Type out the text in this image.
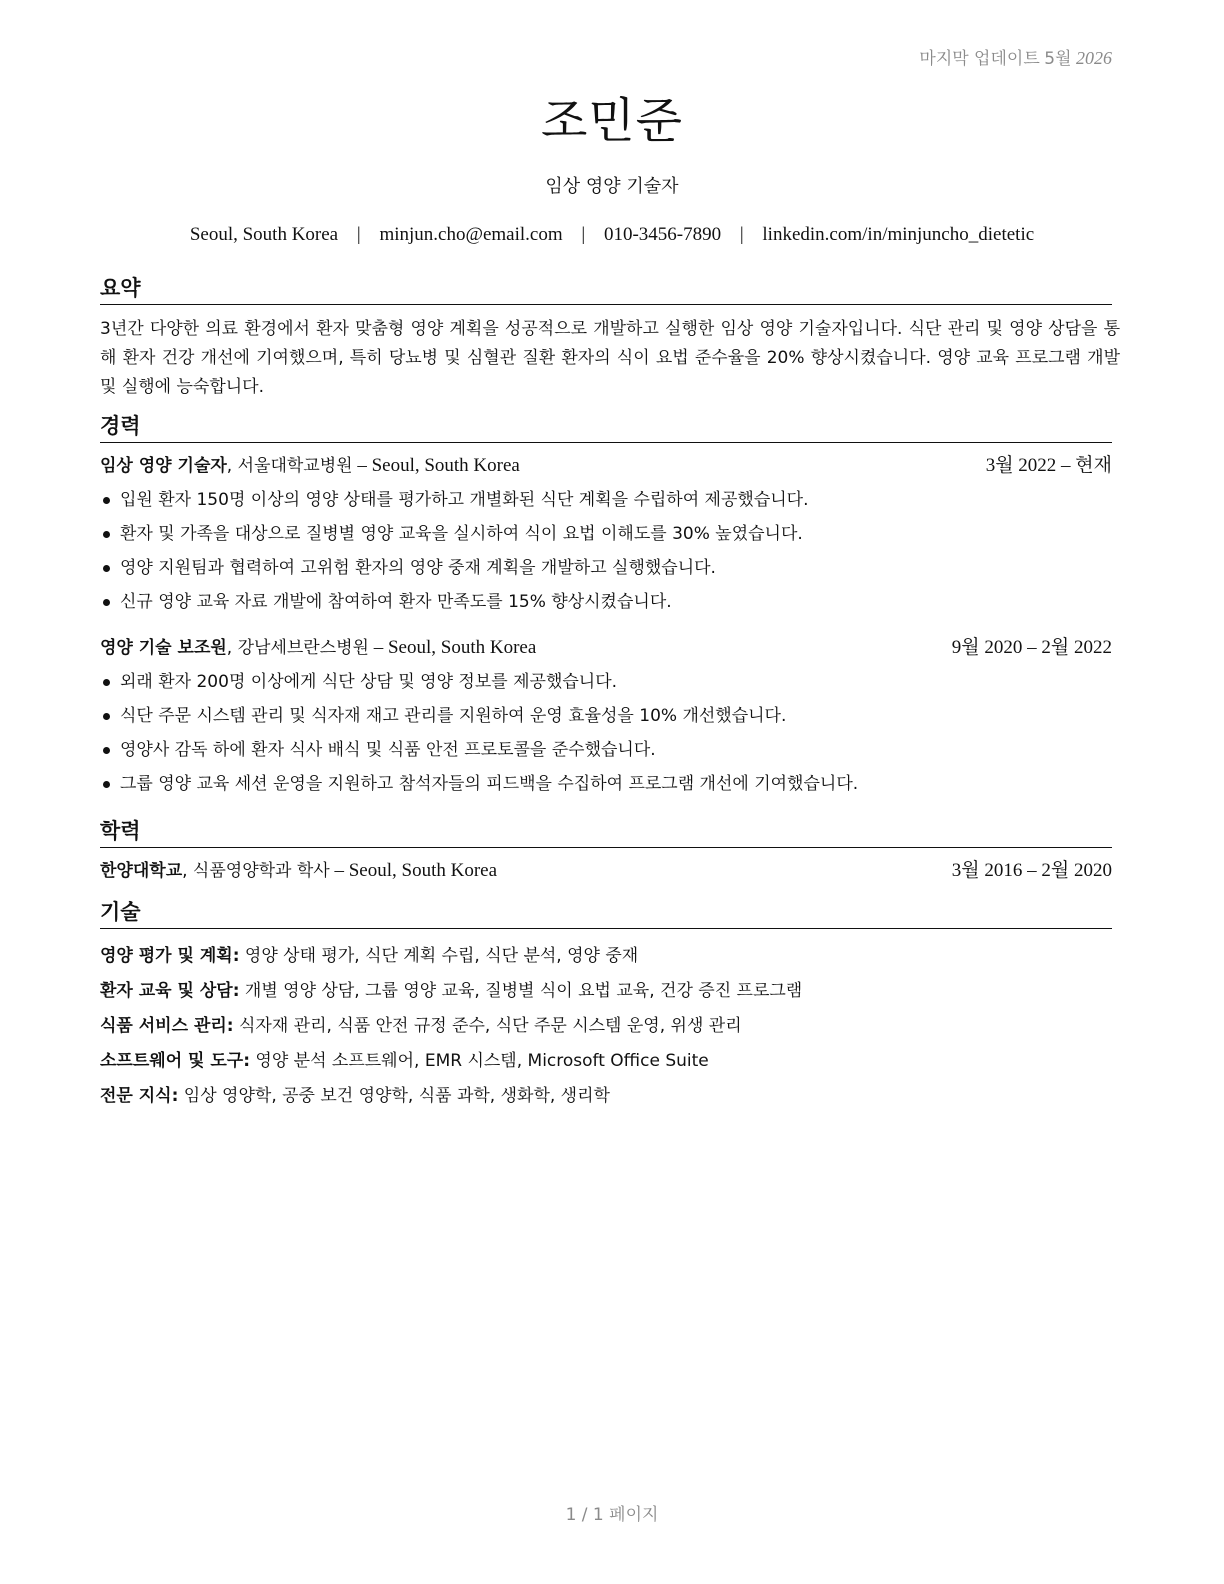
마지막 업데이트 5월 2026
조민준
임상 영양 기술자
Seoul, South Korea | minjun.cho@email.com | 010-3456-7890 | linkedin.com/in/minjuncho_dietetic
요약

3년간 다양한 의료 환경에서 환자 맞춤형 영양 계획을 성공적으로 개발하고 실행한 임상 영양 기술자입니다. 식단 관리 및 영양 상담을 통해 환자 건강 개선에 기여했으며, 특히 당뇨병 및 심혈관 질환 환자의 식이 요법 준수율을 20% 향상시켰습니다. 영양 교육 프로그램 개발 및 실행에 능숙합니다.

경력
임상 영양 기술자, 서울대학교병원 – Seoul, South Korea	3월 2022 – 현재
입원 환자 150명 이상의 영양 상태를 평가하고 개별화된 식단 계획을 수립하여 제공했습니다.
환자 및 가족을 대상으로 질병별 영양 교육을 실시하여 식이 요법 이해도를 30% 높였습니다.
영양 지원팀과 협력하여 고위험 환자의 영양 중재 계획을 개발하고 실행했습니다.
신규 영양 교육 자료 개발에 참여하여 환자 만족도를 15% 향상시켰습니다.
영양 기술 보조원, 강남세브란스병원 – Seoul, South Korea	9월 2020 – 2월 2022
외래 환자 200명 이상에게 식단 상담 및 영양 정보를 제공했습니다.
식단 주문 시스템 관리 및 식자재 재고 관리를 지원하여 운영 효율성을 10% 개선했습니다.
영양사 감독 하에 환자 식사 배식 및 식품 안전 프로토콜을 준수했습니다.
그룹 영양 교육 세션 운영을 지원하고 참석자들의 피드백을 수집하여 프로그램 개선에 기여했습니다.
학력
한양대학교, 식품영양학과 학사 – Seoul, South Korea	3월 2016 – 2월 2020
기술
영양 평가 및 계획: 영양 상태 평가, 식단 계획 수립, 식단 분석, 영양 중재
환자 교육 및 상담: 개별 영양 상담, 그룹 영양 교육, 질병별 식이 요법 교육, 건강 증진 프로그램
식품 서비스 관리: 식자재 관리, 식품 안전 규정 준수, 식단 주문 시스템 운영, 위생 관리
소프트웨어 및 도구: 영양 분석 소프트웨어, EMR 시스템, Microsoft Office Suite
전문 지식: 임상 영양학, 공중 보건 영양학, 식품 과학, 생화학, 생리학
1 / 1 페이지
